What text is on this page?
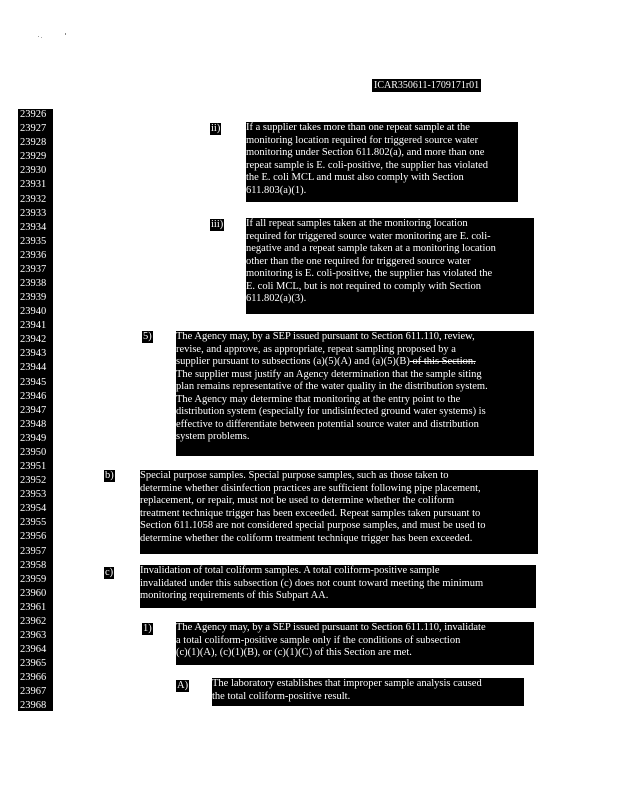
ICAR350611-1709171r01
23926
23927
23928
23929
23930
23931
23932
23933
23934
23935
23936
23937
23938
23939
23940
23941
23942
23943
23944
23945
23946
23947
23948
23949
23950
23951
23952
23953
23954
23955
23956
23957
23958
23959
23960
23961
23962
23963
23964
23965
23966
23967
23968
ii) If a supplier takes more than one repeat sample at the
monitoring location required for triggered source water
monitoring under Section 611.802(a), and more than one
repeat sample is E. coli-positive, the supplier has violated
the E. coli MCL and must also comply with Section
611.803(a)(1).
iii) If all repeat samples taken at the monitoring location
required for triggered source water monitoring are E. coli-
negative and a repeat sample taken at a monitoring location
other than the one required for triggered source water
monitoring is E. coli-positive, the supplier has violated the
E. coli MCL, but is not required to comply with Section
611.802(a)(3).
5) The Agency may, by a SEP issued pursuant to Section 611.110, review,
revise, and approve, as appropriate, repeat sampling proposed by a
supplier pursuant to subsections (a)(5)(A) and (a)(5)(B) of this Section.
The supplier must justify an Agency determination that the sample siting
plan remains representative of the water quality in the distribution system.
The Agency may determine that monitoring at the entry point to the
distribution system (especially for undisinfected ground water systems) is
effective to differentiate between potential source water and distribution
system problems.
b)	Special purpose samples. Special purpose samples, such as those taken to
determine whether disinfection practices are sufficient following pipe placement,
replacement, or repair, must not be used to determine whether the coliform
treatment technique trigger has been exceeded. Repeat samples taken pursuant to
Section 611.1058 are not considered special purpose samples, and must be used to
determine whether the coliform treatment technique trigger has been exceeded.
c)	Invalidation of total coliform samples. A total coliform-positive sample
invalidated under this subsection (c) does not count toward meeting the minimum
monitoring requirements of this Subpart AA.
1) The Agency may, by a SEP issued pursuant to Section 611.110, invalidate
a total coliform-positive sample only if the conditions of subsection
(c)(1)(A), (c)(1)(B), or (c)(1)(C) of this Section are met.
A) The laboratory establishes that improper sample analysis caused
the total coliform-positive result.
